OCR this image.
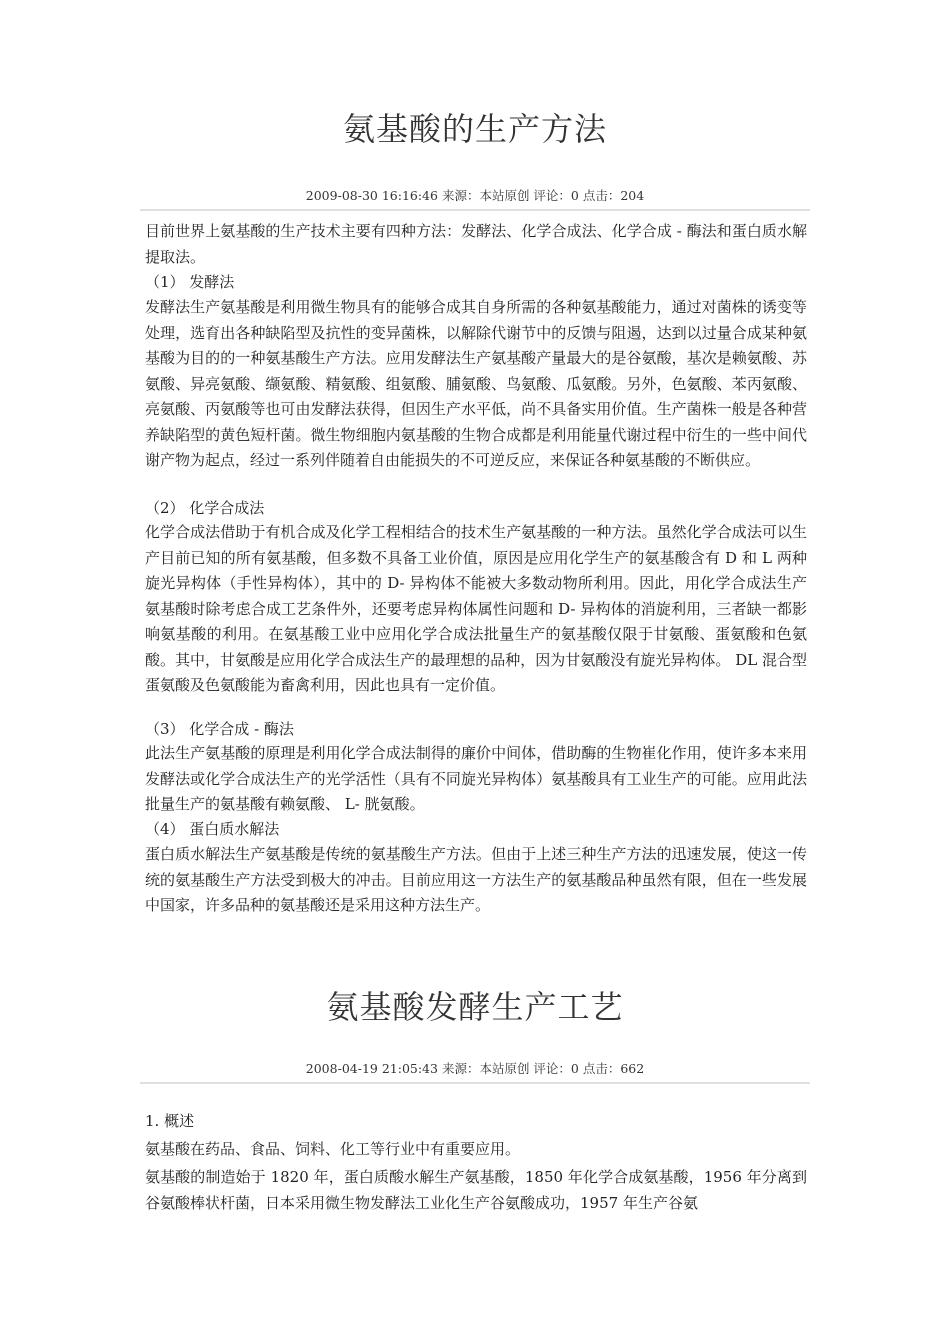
氨基酸的生产方法
2009-08-30 16:16:46 来源：本站原创 评论：0 点击：204

目前世界上氨基酸的生产技术主要有四种方法：发酵法、化学合成法、化学合成 - 酶法和蛋白质水解提取法。

（1） 发酵法

发酵法生产氨基酸是利用微生物具有的能够合成其自身所需的各种氨基酸能力，通过对菌株的诱变等处理，选育出各种缺陷型及抗性的变异菌株，以解除代谢节中的反馈与阻遏，达到以过量合成某种氨基酸为目的的一种氨基酸生产方法。应用发酵法生产氨基酸产量最大的是谷氨酸，基次是赖氨酸、苏氨酸、异亮氨酸、缬氨酸、精氨酸、组氨酸、脯氨酸、鸟氨酸、瓜氨酸。另外，色氨酸、苯丙氨酸、亮氨酸、丙氨酸等也可由发酵法获得，但因生产水平低，尚不具备实用价值。生产菌株一般是各种营养缺陷型的黄色短杆菌。微生物细胞内氨基酸的生物合成都是利用能量代谢过程中衍生的一些中间代谢产物为起点，经过一系列伴随着自由能损失的不可逆反应，来保证各种氨基酸的不断供应。

（2） 化学合成法

化学合成法借助于有机合成及化学工程相结合的技术生产氨基酸的一种方法。虽然化学合成法可以生产目前已知的所有氨基酸，但多数不具备工业价值，原因是应用化学生产的氨基酸含有 D 和 L 两种旋光异构体（手性异构体），其中的 D- 异构体不能被大多数动物所利用。因此，用化学合成法生产氨基酸时除考虑合成工艺条件外，还要考虑异构体属性问题和 D- 异构体的消旋利用，三者缺一都影响氨基酸的利用。在氨基酸工业中应用化学合成法批量生产的氨基酸仅限于甘氨酸、蛋氨酸和色氨酸。其中，甘氨酸是应用化学合成法生产的最理想的品种，因为甘氨酸没有旋光异构体。 DL 混合型蛋氨酸及色氨酸能为畜禽利用，因此也具有一定价值。

（3） 化学合成 - 酶法

此法生产氨基酸的原理是利用化学合成法制得的廉价中间体，借助酶的生物崔化作用，使许多本来用发酵法或化学合成法生产的光学活性（具有不同旋光异构体）氨基酸具有工业生产的可能。应用此法批量生产的氨基酸有赖氨酸、 L- 胱氨酸。

（4） 蛋白质水解法

蛋白质水解法生产氨基酸是传统的氨基酸生产方法。但由于上述三种生产方法的迅速发展，使这一传统的氨基酸生产方法受到极大的冲击。目前应用这一方法生产的氨基酸品种虽然有限，但在一些发展中国家，许多品种的氨基酸还是采用这种方法生产。

氨基酸发酵生产工艺
2008-04-19 21:05:43 来源：本站原创 评论：0 点击：662

1. 概述

氨基酸在药品、食品、饲料、化工等行业中有重要应用。

氨基酸的制造始于 1820 年，蛋白质酸水解生产氨基酸，1850 年化学合成氨基酸，1956 年分离到谷氨酸棒状杆菌，日本采用微生物发酵法工业化生产谷氨酸成功，1957 年生产谷氨
